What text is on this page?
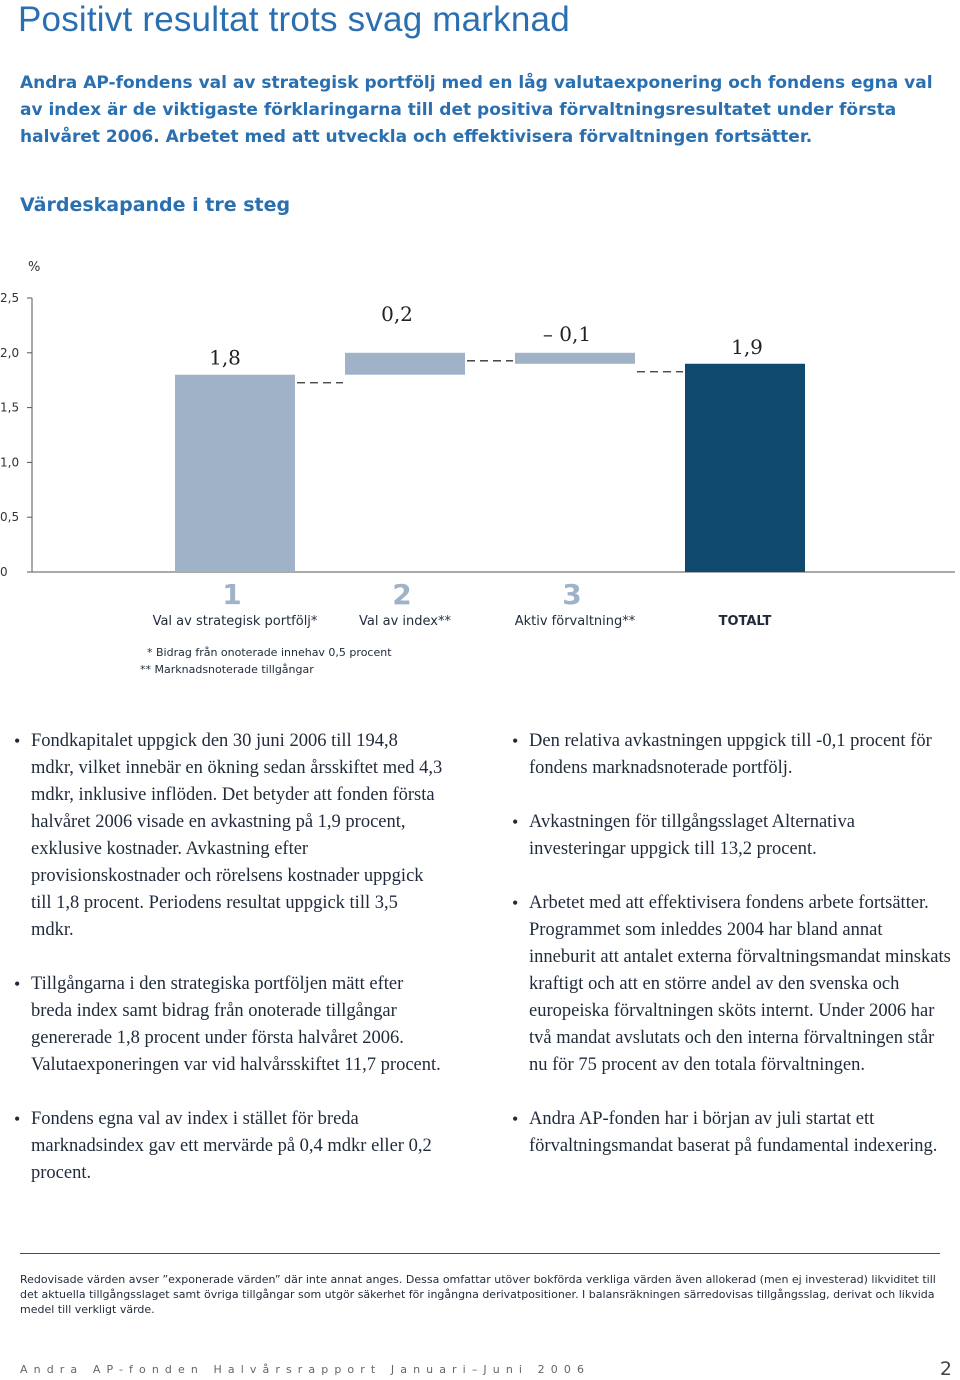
Positivt resultat trots svag marknad
Andra AP-fondens val av strategisk portfölj med en låg valutaexponering och fondens egna val av index är de viktigaste förklaringarna till det positiva förvaltningsresultatet under första halvåret 2006. Arbetet med att utveckla och effektivisera förvaltningen fortsätter.
Värdeskapande i tre steg
%
0
0,5
1,0
1,5
2,0
2,5
1,8
0,2
– 0,1
1,9
1	2	3
Val av strategisk portfölj*	Val av index**	Aktiv förvaltning**	TOTALT
* Bidrag från onoterade innehav 0,5 procent
** Marknadsnoterade tillgångar
• Fondkapitalet uppgick den 30 juni 2006 till 194,8 mdkr, vilket innebär en ökning sedan årsskiftet med 4,3 mdkr, inklusive inflöden. Det betyder att fonden första halvåret 2006 visade en avkastning på 1,9 procent, exklusive kostnader. Avkastning efter provisionskostnader och rörelsens kostnader uppgick till 1,8 procent. Periodens resultat uppgick till 3,5 mdkr.
• Tillgångarna i den strategiska portföljen mätt efter breda index samt bidrag från onoterade tillgångar genererade 1,8 procent under första halvåret 2006. Valutaexponeringen var vid halvårsskiftet 11,7 procent.
• Fondens egna val av index i stället för breda marknadsindex gav ett mervärde på 0,4 mdkr eller 0,2 procent.
• Den relativa avkastningen uppgick till -0,1 procent för fondens marknadsnoterade portfölj.
• Avkastningen för tillgångsslaget Alternativa investeringar uppgick till 13,2 procent.
• Arbetet med att effektivisera fondens arbete fortsätter. Programmet som inleddes 2004 har bland annat inneburit att antalet externa förvaltningsmandat minskats kraftigt och att en större andel av den svenska och europeiska förvaltningen sköts internt. Under 2006 har två mandat avslutats och den interna förvaltningen står nu för 75 procent av den totala förvaltningen.
• Andra AP-fonden har i början av juli startat ett förvaltningsmandat baserat på fundamental indexering.
Redovisade värden avser ”exponerade värden” där inte annat anges. Dessa omfattar utöver bokförda verkliga värden även allokerad (men ej investerad) likviditet till det aktuella tillgångsslaget samt övriga tillgångar som utgör säkerhet för ingångna derivatpositioner. I balansräkningen särredovisas tillgångsslag, derivat och likvida medel till verkligt värde.
Andra AP-fonden Halvårsrapport Januari–Juni 2006	2
